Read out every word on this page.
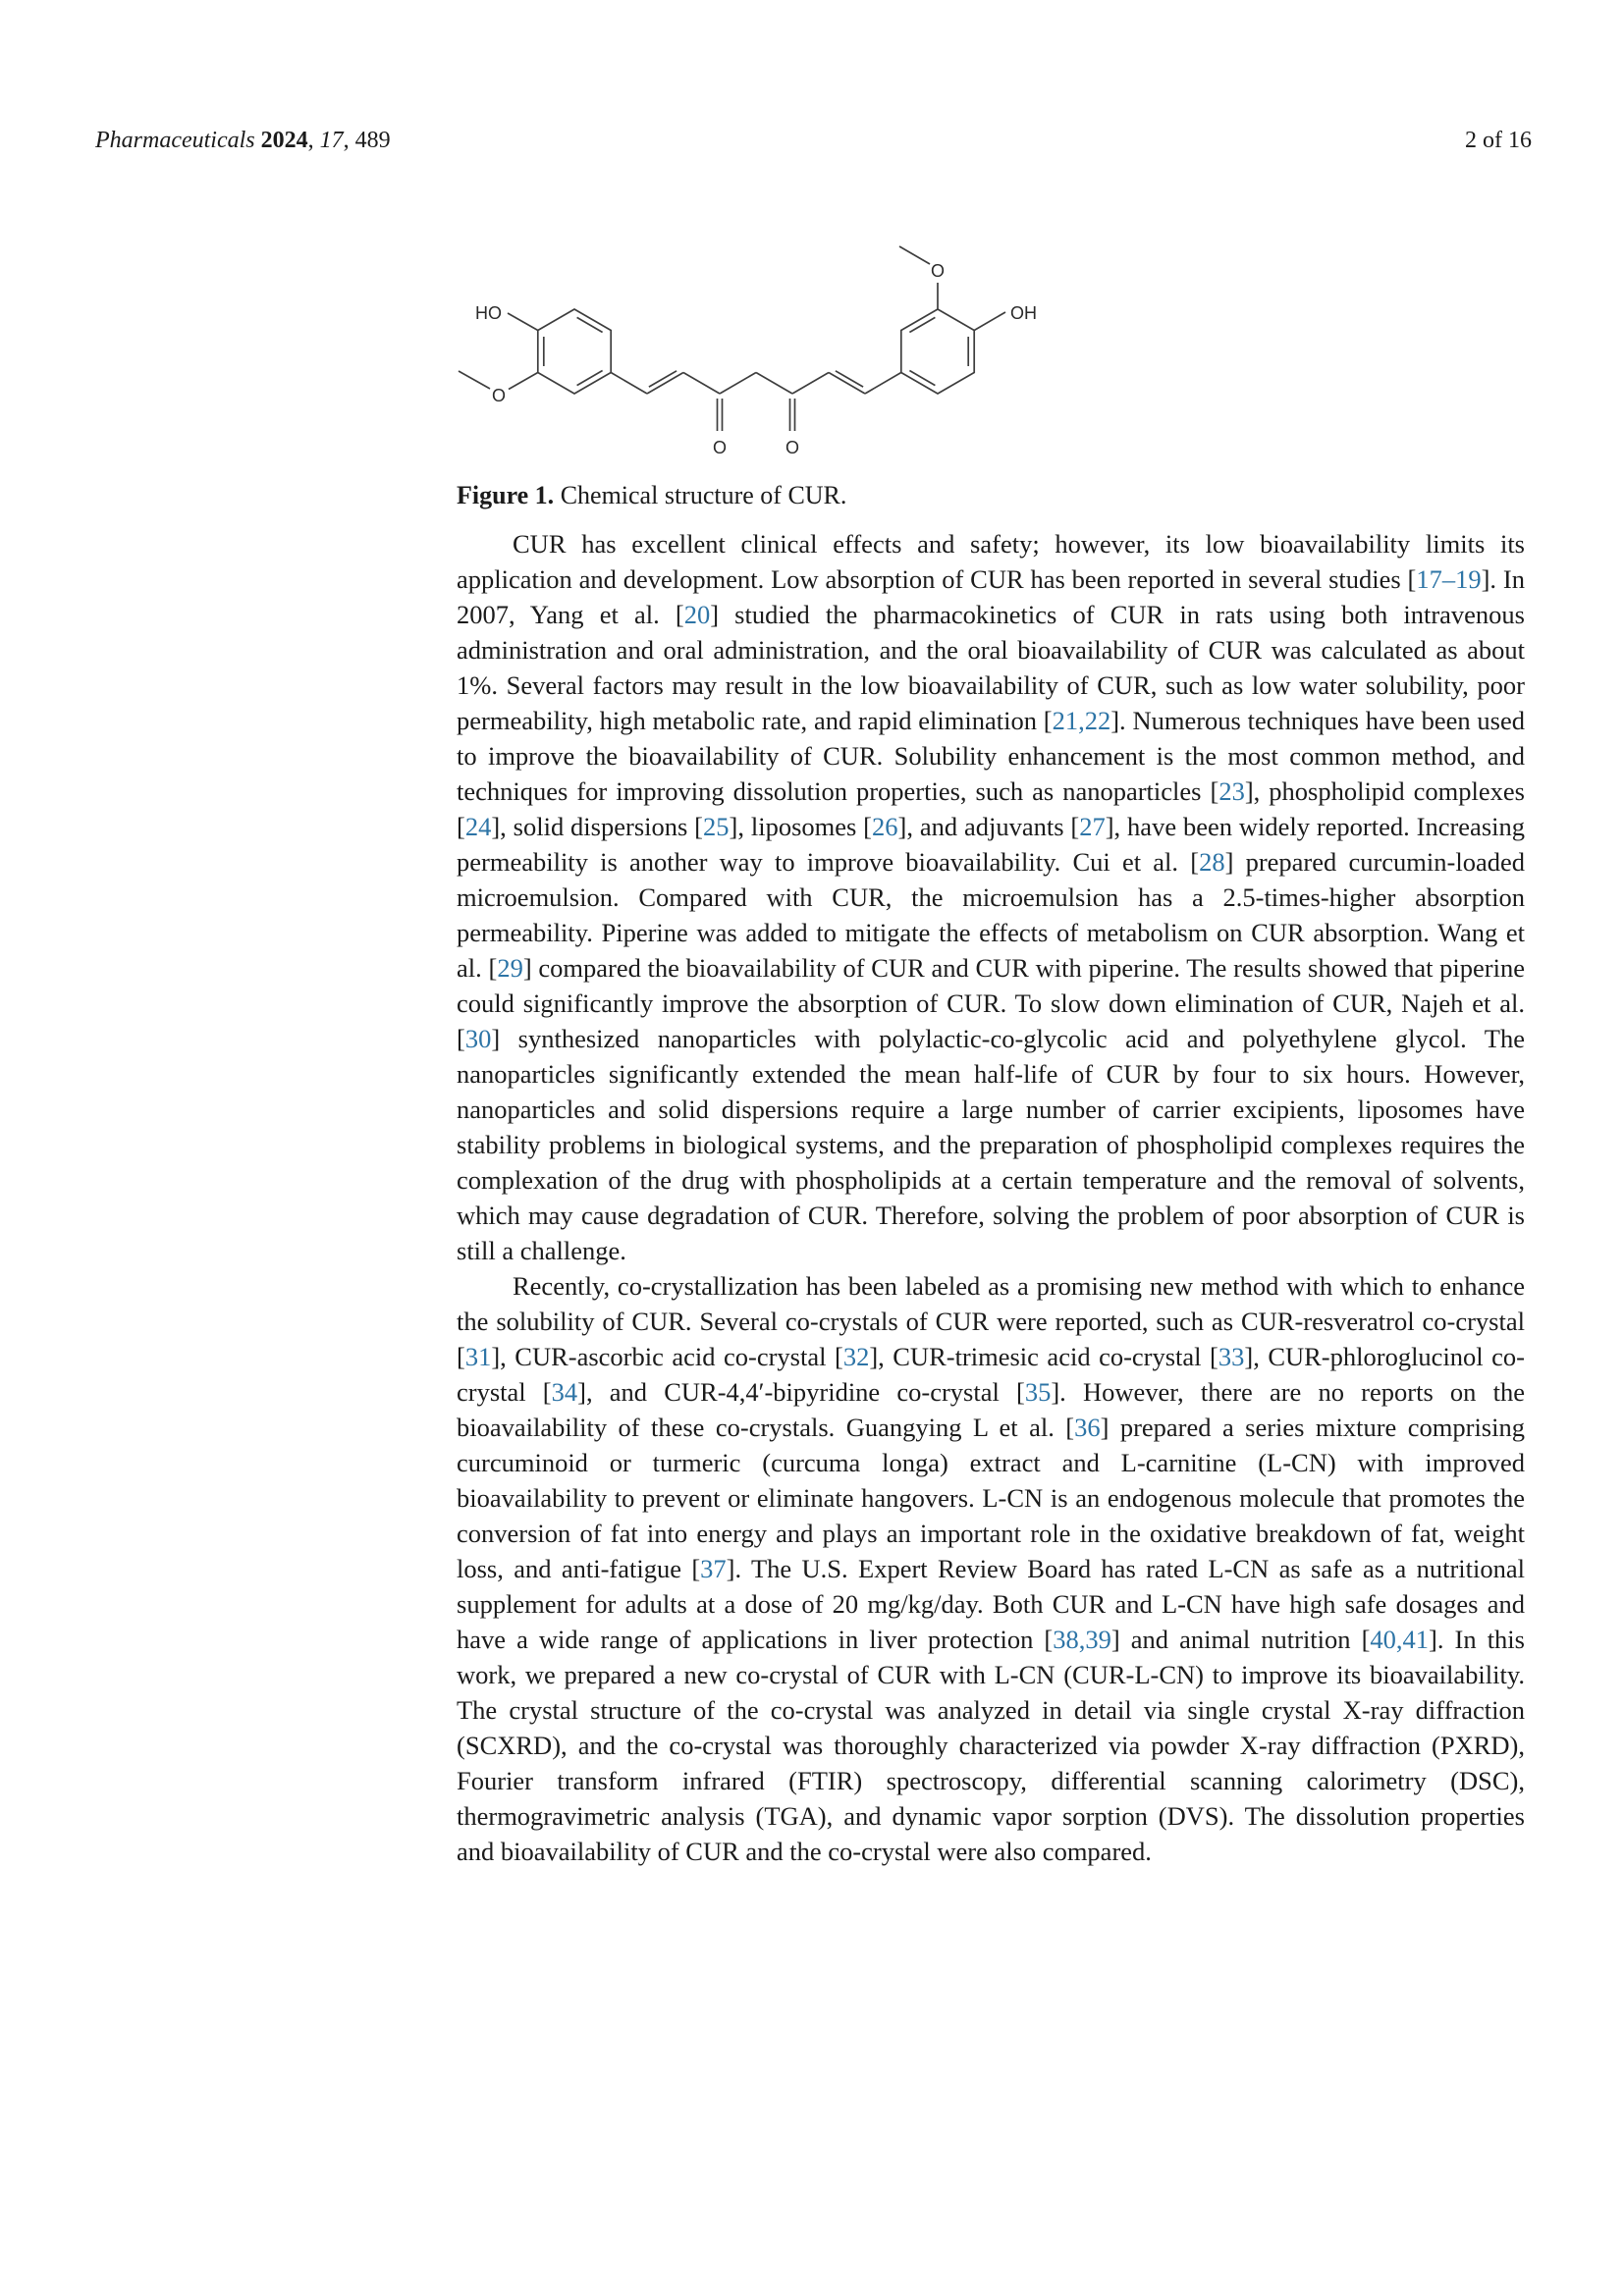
Pharmaceuticals 2024, 17, 489	2 of 16
HO
O
O	O
O
OH
Figure 1. Chemical structure of CUR.

CUR has excellent clinical effects and safety; however, its low bioavailability limits its application and development. Low absorption of CUR has been reported in several studies [17–19]. In 2007, Yang et al. [20] studied the pharmacokinetics of CUR in rats using both intravenous administration and oral administration, and the oral bioavailability of CUR was calculated as about 1%. Several factors may result in the low bioavailability of CUR, such as low water solubility, poor permeability, high metabolic rate, and rapid elimination [21,22]. Numerous techniques have been used to improve the bioavailability of CUR. Solubility enhancement is the most common method, and techniques for improving dissolution properties, such as nanoparticles [23], phospholipid complexes [24], solid dispersions [25], liposomes [26], and adjuvants [27], have been widely reported. Increasing permeability is another way to improve bioavailability. Cui et al. [28] prepared curcumin-loaded microemulsion. Compared with CUR, the microemulsion has a 2.5-times-higher absorption permeability. Piperine was added to mitigate the effects of metabolism on CUR absorption. Wang et al. [29] compared the bioavailability of CUR and CUR with piperine. The results showed that piperine could significantly improve the absorption of CUR. To slow down elimination of CUR, Najeh et al. [30] synthesized nanoparticles with polylactic-co-glycolic acid and polyethylene glycol. The nanoparticles significantly extended the mean half-life of CUR by four to six hours. However, nanoparticles and solid dispersions require a large number of carrier excipients, liposomes have stability problems in biological systems, and the preparation of phospholipid complexes requires the complexation of the drug with phospholipids at a certain temperature and the removal of solvents, which may cause degradation of CUR. Therefore, solving the problem of poor absorption of CUR is still a challenge.

Recently, co-crystallization has been labeled as a promising new method with which to enhance the solubility of CUR. Several co-crystals of CUR were reported, such as CUR-resveratrol co-crystal [31], CUR-ascorbic acid co-crystal [32], CUR-trimesic acid co-crystal [33], CUR-phloroglucinol co-crystal [34], and CUR-4,4′-bipyridine co-crystal [35]. However, there are no reports on the bioavailability of these co-crystals. Guangying L et al. [36] prepared a series mixture comprising curcuminoid or turmeric (curcuma longa) extract and L-carnitine (L-CN) with improved bioavailability to prevent or eliminate hangovers. L-CN is an endogenous molecule that promotes the conversion of fat into energy and plays an important role in the oxidative breakdown of fat, weight loss, and anti-fatigue [37]. The U.S. Expert Review Board has rated L-CN as safe as a nutritional supplement for adults at a dose of 20 mg/kg/day. Both CUR and L-CN have high safe dosages and have a wide range of applications in liver protection [38,39] and animal nutrition [40,41]. In this work, we prepared a new co-crystal of CUR with L-CN (CUR-L-CN) to improve its bioavailability. The crystal structure of the co-crystal was analyzed in detail via single crystal X-ray diffraction (SCXRD), and the co-crystal was thoroughly characterized via powder X-ray diffraction (PXRD), Fourier transform infrared (FTIR) spectroscopy, differential scanning calorimetry (DSC), thermogravimetric analysis (TGA), and dynamic vapor sorption (DVS). The dissolution properties and bioavailability of CUR and the co-crystal were also compared.
